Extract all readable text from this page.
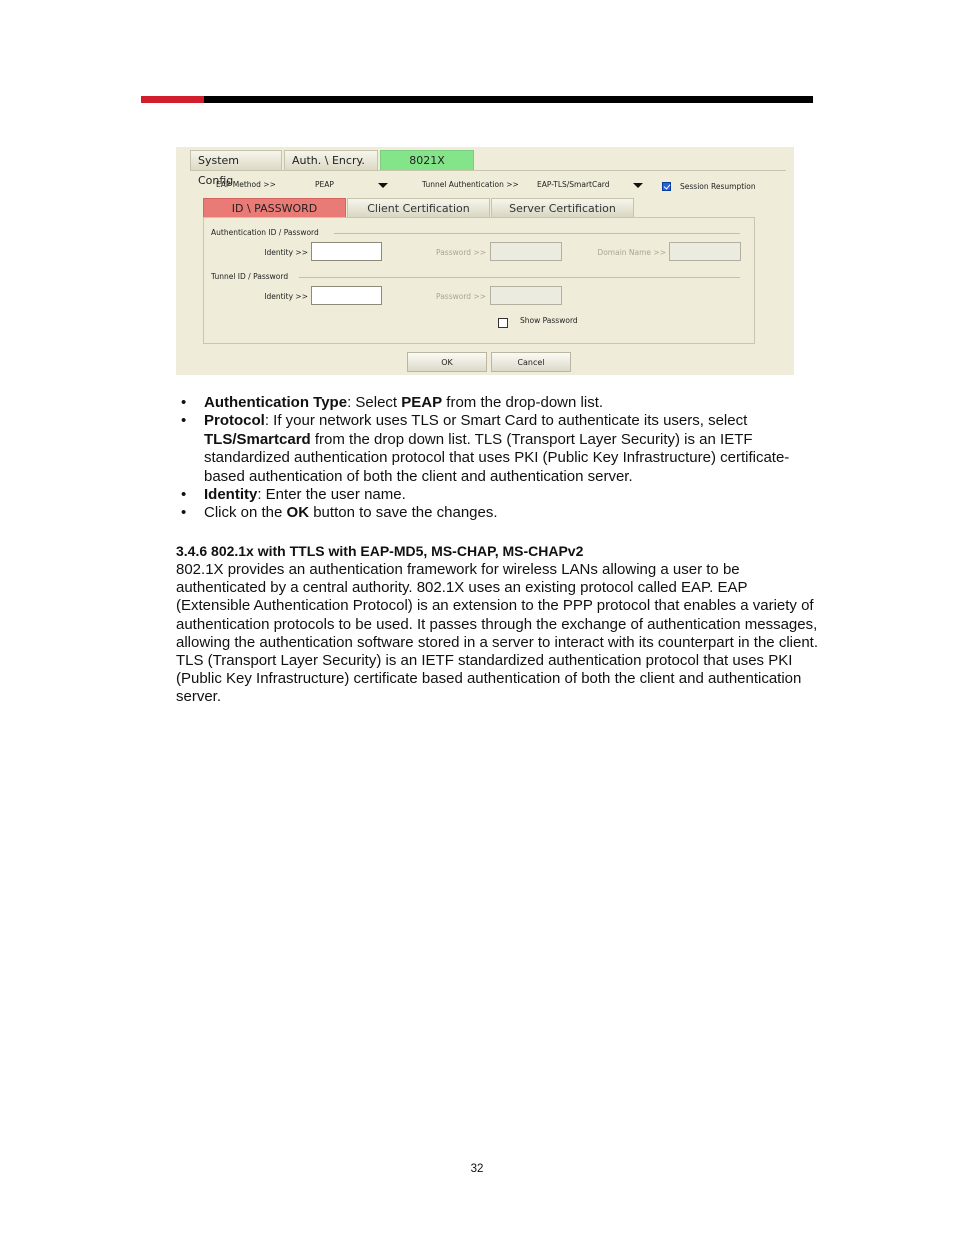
System Config
Auth. \ Encry.	8021X
EAP Method >>	PEAP	Tunnel Authentication >> EAP-TLS/SmartCard	Session Resumption
ID \ PASSWORD	Client Certification	Server Certification
Authentication ID / Password
Identity >>	Password >>	Domain Name >>
Tunnel ID / Password
Identity >>	Password >>
Show Password
OK	Cancel
• Authentication Type: Select PEAP from the drop-down list.
• Protocol: If your network uses TLS or Smart Card to authenticate its users, select TLS/Smartcard from the drop down list. TLS (Transport Layer Security) is an IETF standardized authentication protocol that uses PKI (Public Key Infrastructure) certificate-based authentication of both the client and authentication server.
• Identity: Enter the user name.
• Click on the OK button to save the changes.
3.4.6 802.1x with TTLS with EAP-MD5, MS-CHAP, MS-CHAPv2

802.1X provides an authentication framework for wireless LANs allowing a user to be authenticated by a central authority. 802.1X uses an existing protocol called EAP. EAP (Extensible Authentication Protocol) is an extension to the PPP protocol that enables a variety of authentication protocols to be used. It passes through the exchange of authentication messages, allowing the authentication software stored in a server to interact with its counterpart in the client. TLS (Transport Layer Security) is an IETF standardized authentication protocol that uses PKI (Public Key Infrastructure) certificate based authentication of both the client and authentication server.

32
